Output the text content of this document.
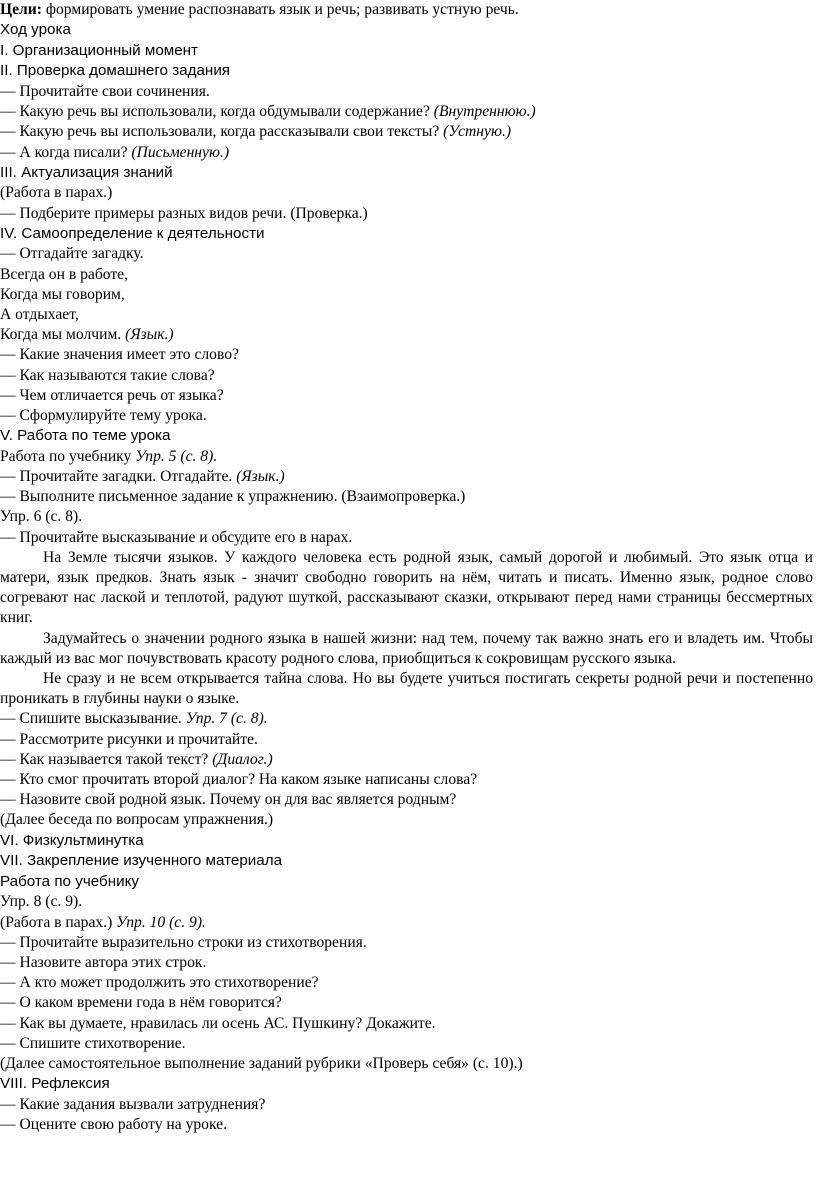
Цели: формировать умение распознавать язык и речь; развивать устную речь.

Ход урока

I. Организационный момент

II. Проверка домашнего задания

— Прочитайте свои сочинения.

— Какую речь вы использовали, когда обдумывали содержание? (Внутреннюю.)

— Какую речь вы использовали, когда рассказывали свои тексты? (Устную.)

— А когда писали? (Письменную.)

III. Актуализация знаний

(Работа в парах.)

— Подберите примеры разных видов речи. (Проверка.)

IV. Самоопределение к деятельности

— Отгадайте загадку.

Всегда он в работе,

Когда мы говорим,

А отдыхает,

Когда мы молчим. (Язык.)

— Какие значения имеет это слово?

— Как называются такие слова?

— Чем отличается речь от языка?

— Сформулируйте тему урока.

V. Работа по теме урока

Работа по учебнику Упр. 5 (с. 8).

— Прочитайте загадки. Отгадайте. (Язык.)

— Выполните письменное задание к упражнению. (Взаимопроверка.)

Упр. 6 (с. 8).

— Прочитайте высказывание и обсудите его в нарах.

На Земле тысячи языков. У каждого человека есть родной язык, самый дорогой и любимый. Это язык отца и матери, язык предков. Знать язык - значит свободно говорить на нём, читать и писать. Именно язык, родное слово согревают нас лаской и теплотой, радуют шуткой, рассказывают сказки, открывают перед нами страницы бессмертных книг.

Задумайтесь о значении родного языка в нашей жизни: над тем, почему так важно знать его и владеть им. Чтобы каждый из вас мог почувствовать красоту родного слова, приобщиться к сокровищам русского языка.

Не сразу и не всем открывается тайна слова. Но вы будете учиться постигать секреты родной речи и постепенно проникать в глубины науки о языке.

— Спишите высказывание. Упр. 7 (с. 8).

— Рассмотрите рисунки и прочитайте.

— Как называется такой текст? (Диалог.)

— Кто смог прочитать второй диалог? На каком языке написаны слова?

— Назовите свой родной язык. Почему он для вас является родным?

(Далее беседа по вопросам упражнения.)

VI. Физкультминутка

VII. Закрепление изученного материала

Работа по учебнику

Упр. 8 (с. 9).

(Работа в парах.) Упр. 10 (с. 9).

— Прочитайте выразительно строки из стихотворения.

— Назовите автора этих строк.

— А кто может продолжить это стихотворение?

— О каком времени года в нём говорится?

— Как вы думаете, нравилась ли осень АС. Пушкину? Докажите.

— Спишите стихотворение.

(Далее самостоятельное выполнение заданий рубрики «Проверь себя» (с. 10).)

VIII. Рефлексия

— Какие задания вызвали затруднения?

— Оцените свою работу на уроке.
